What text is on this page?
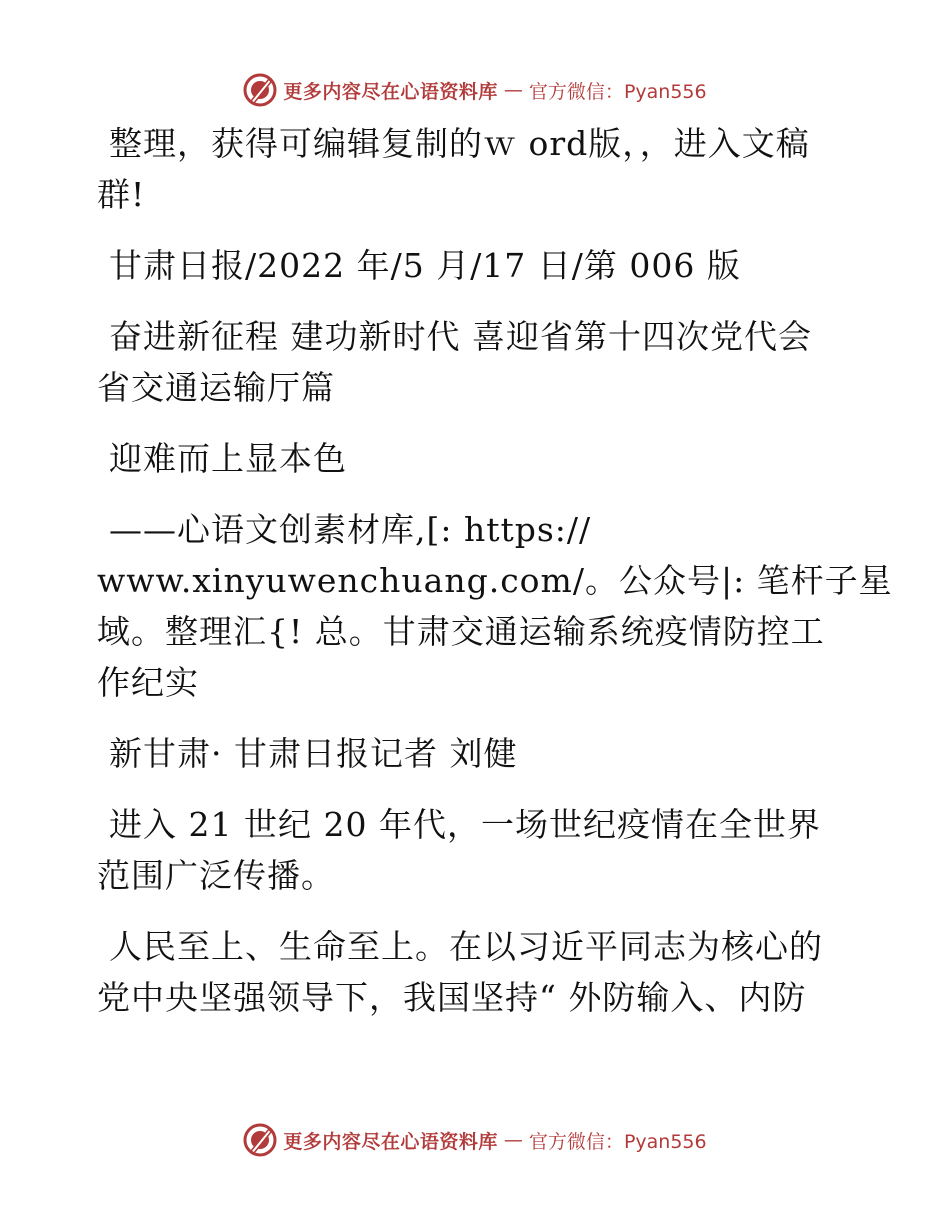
更多内容尽在心语资料库 — 官方微信：Pyan556

整理，获得可编辑复制的ｗ ord版，，进入文稿
群!

甘肃日报/2022 年/5 月/17 日/第 006 版

奋进新征程 建功新时代 喜迎省第十四次党代会
省交通运输厅篇

迎难而上显本色

——心语文创素材库,[: https://
www.xinyuwenchuang.com/。公众号|: 笔杆子星
域。整理汇{! 总。甘肃交通运输系统疫情防控工
作纪实

新甘肃· 甘肃日报记者 刘健

进入 21 世纪 20 年代，一场世纪疫情在全世界
范围广泛传播。

人民至上、生命至上。在以习近平同志为核心的
党中央坚强领导下，我国坚持“ 外防输入、内防

更多内容尽在心语资料库 — 官方微信：Pyan556
